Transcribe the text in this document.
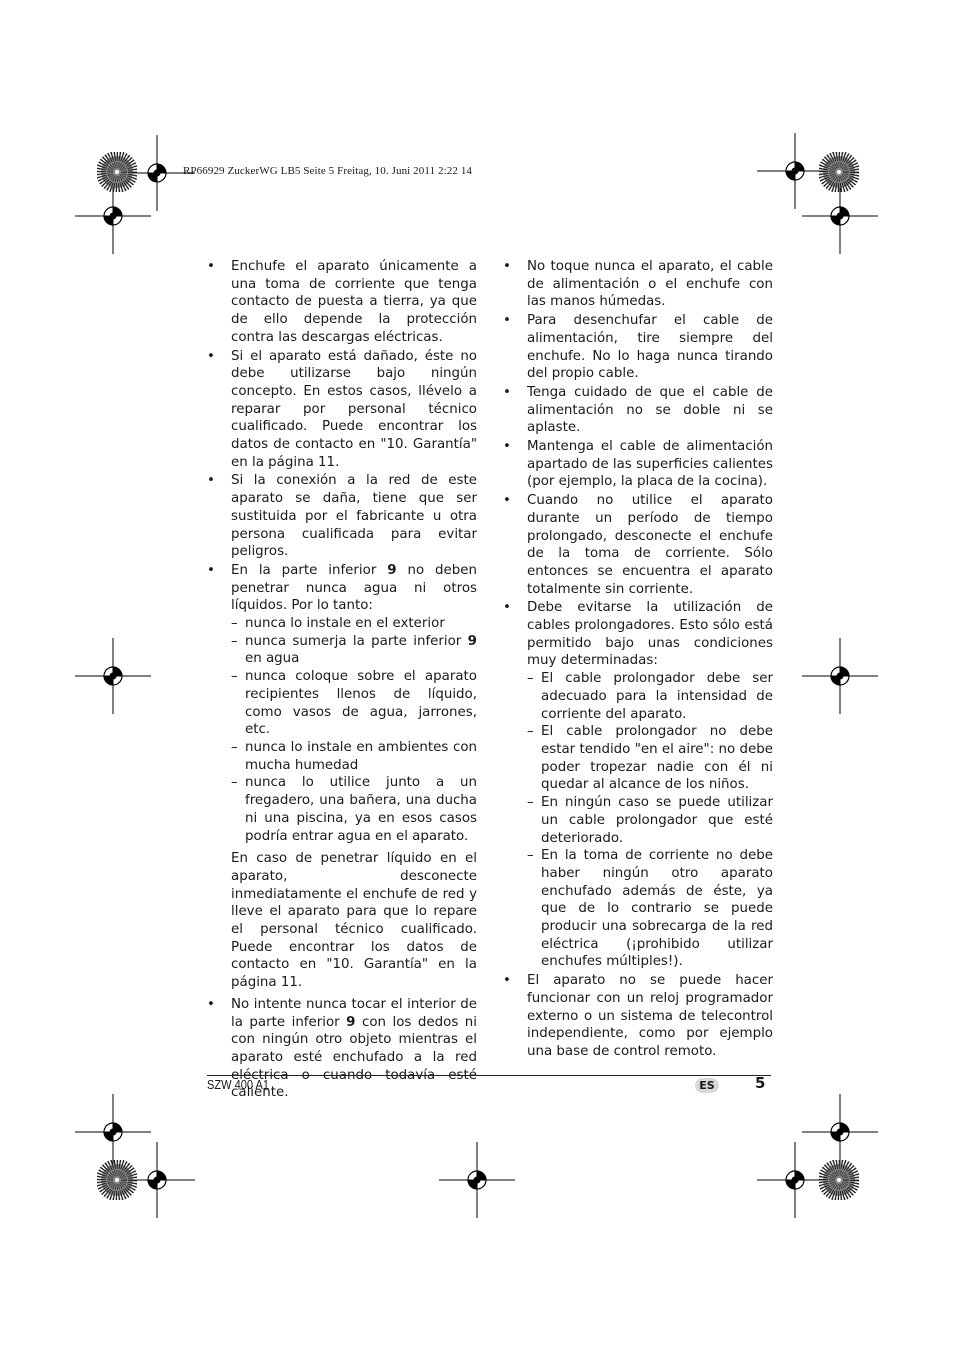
RP66929 ZuckerWG LB5 Seite 5 Freitag, 10. Juni 2011 2:22 14
• Enchufe el aparato únicamente a una toma de corriente que tenga contacto de puesta a tierra, ya que de ello depende la protección contra las descargas eléctricas.
• Si el aparato está dañado, éste no debe utilizarse bajo ningún concepto. En estos casos, llévelo a reparar por personal técnico cualificado. Puede encontrar los datos de contacto en "10. Garantía" en la página 11.
• Si la conexión a la red de este aparato se daña, tiene que ser sustituida por el fabricante u otra persona cualificada para evitar peligros.
• En la parte inferior 9 no deben penetrar nunca agua ni otros líquidos. Por lo tanto:
– nunca lo instale en el exterior
– nunca sumerja la parte inferior 9 en agua
– nunca coloque sobre el aparato recipientes llenos de líquido, como vasos de agua, jarrones, etc.
– nunca lo instale en ambientes con mucha humedad
– nunca lo utilice junto a un fregadero, una bañera, una ducha ni una piscina, ya en esos casos podría entrar agua en el aparato.
En caso de penetrar líquido en el aparato, desconecte inmediatamente el enchufe de red y lleve el aparato para que lo repare el personal técnico cualificado. Puede encontrar los datos de contacto en "10. Garantía" en la página 11.
• No intente nunca tocar el interior de la parte inferior 9 con los dedos ni con ningún otro objeto mientras el aparato esté enchufado a la red eléctrica o cuando todavía esté caliente.
• No toque nunca el aparato, el cable de alimentación o el enchufe con las manos húmedas.
• Para desenchufar el cable de alimentación, tire siempre del enchufe. No lo haga nunca tirando del propio cable.
• Tenga cuidado de que el cable de alimentación no se doble ni se aplaste.
• Mantenga el cable de alimentación apartado de las superficies calientes (por ejemplo, la placa de la cocina).
• Cuando no utilice el aparato durante un período de tiempo prolongado, desconecte el enchufe de la toma de corriente. Sólo entonces se encuentra el aparato totalmente sin corriente.
• Debe evitarse la utilización de cables prolongadores. Esto sólo está permitido bajo unas condiciones muy determinadas:
– El cable prolongador debe ser adecuado para la intensidad de corriente del aparato.
– El cable prolongador no debe estar tendido "en el aire": no debe poder tropezar nadie con él ni quedar al alcance de los niños.
– En ningún caso se puede utilizar un cable prolongador que esté deteriorado.
– En la toma de corriente no debe haber ningún otro aparato enchufado además de éste, ya que de lo contrario se puede producir una sobrecarga de la red eléctrica (¡prohibido utilizar enchufes múltiples!).
• El aparato no se puede hacer funcionar con un reloj programador externo o un sistema de telecontrol independiente, como por ejemplo una base de control remoto.
SZW 400 A1	ES	5
